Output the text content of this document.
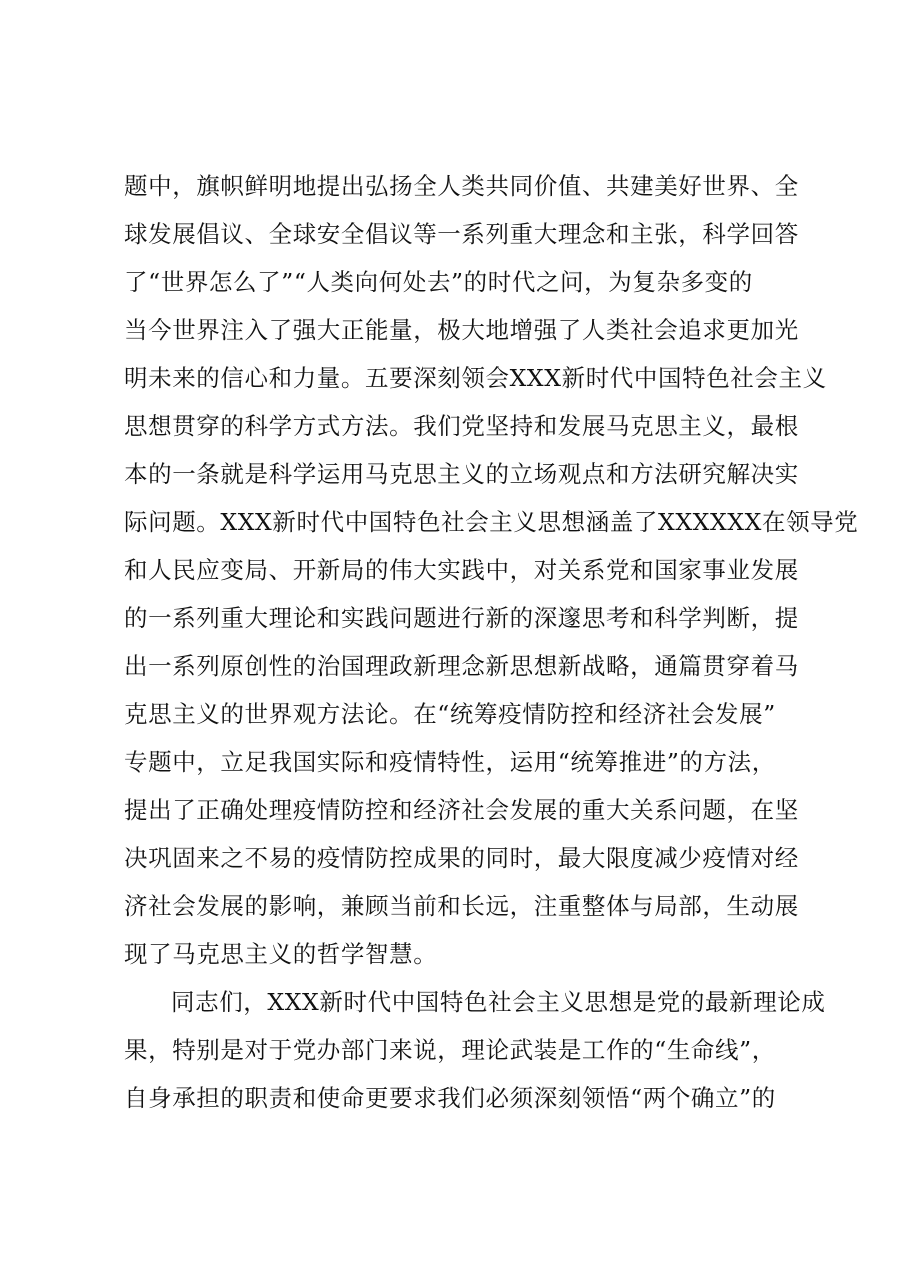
题中，旗帜鲜明地提出弘扬全人类共同价值、共建美好世界、全
球发展倡议、全球安全倡议等一系列重大理念和主张，科学回答
了“世界怎么了”“人类向何处去”的时代之问，为复杂多变的
当今世界注入了强大正能量，极大地增强了人类社会追求更加光
明未来的信心和力量。五要深刻领会XXX新时代中国特色社会主义
思想贯穿的科学方式方法。我们党坚持和发展马克思主义，最根
本的一条就是科学运用马克思主义的立场观点和方法研究解决实
际问题。XXX新时代中国特色社会主义思想涵盖了XXXXXX在领导党
和人民应变局、开新局的伟大实践中，对关系党和国家事业发展
的一系列重大理论和实践问题进行新的深邃思考和科学判断，提
出一系列原创性的治国理政新理念新思想新战略，通篇贯穿着马
克思主义的世界观方法论。在“统筹疫情防控和经济社会发展”
专题中，立足我国实际和疫情特性，运用“统筹推进”的方法，
提出了正确处理疫情防控和经济社会发展的重大关系问题，在坚
决巩固来之不易的疫情防控成果的同时，最大限度减少疫情对经
济社会发展的影响，兼顾当前和长远，注重整体与局部，生动展
现了马克思主义的哲学智慧。
同志们，XXX新时代中国特色社会主义思想是党的最新理论成
果，特别是对于党办部门来说，理论武装是工作的“生命线”，
自身承担的职责和使命更要求我们必须深刻领悟“两个确立”的
